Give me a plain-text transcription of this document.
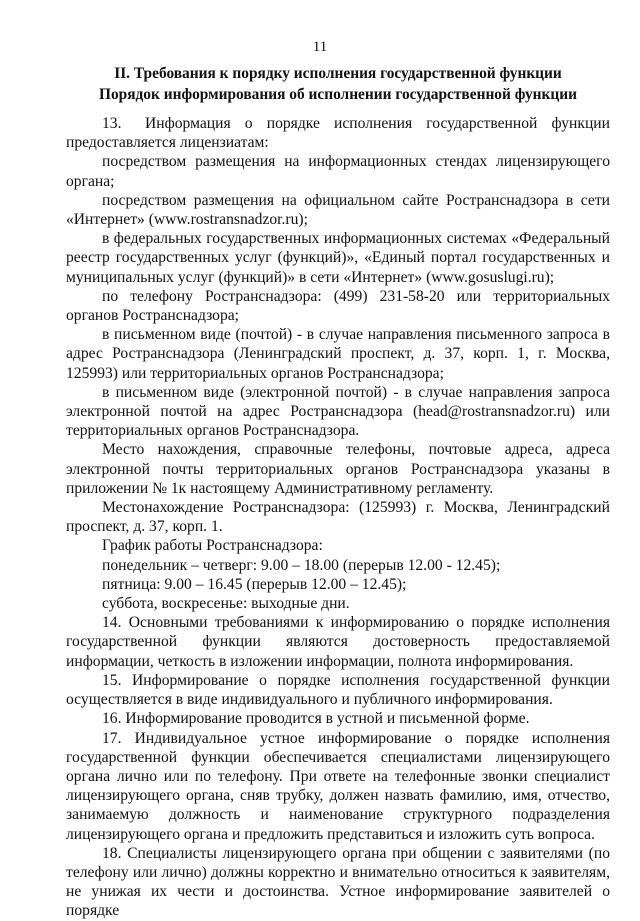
11
II. Требования к порядку исполнения государственной функции
Порядок информирования об исполнении государственной функции

13.     Информация   о   порядке   исполнения   государственной   функции предоставляется лицензиатам:

посредством размещения на информационных стендах лицензирующего органа;

посредством размещения на официальном сайте Ространснадзора в сети «Интернет» (www.rostransnadzor.ru);

в федеральных государственных информационных системах «Федеральный реестр государственных услуг (функций)», «Единый портал государственных и муниципальных услуг (функций)» в сети «Интернет» (www.gosuslugi.ru);

по телефону Ространснадзора: (499) 231-58-20 или территориальных органов Ространснадзора;

в письменном виде (почтой) - в случае направления письменного запроса в адрес Ространснадзора (Ленинградский проспект, д. 37, корп. 1, г. Москва, 125993) или территориальных органов Ространснадзора;

в письменном виде (электронной почтой) - в случае направления запроса электронной почтой на адрес Ространснадзора (head@rostransnadzor.ru) или территориальных органов Ространснадзора.

Место нахождения, справочные телефоны, почтовые адреса, адреса электронной почты территориальных органов Ространснадзора указаны в приложении № 1к настоящему Административному регламенту.

Местонахождение Ространснадзора: (125993) г. Москва, Ленинградский проспект, д. 37, корп. 1.

График работы Ространснадзора:

понедельник – четверг: 9.00 – 18.00 (перерыв 12.00 - 12.45);

пятница: 9.00 – 16.45 (перерыв 12.00 – 12.45);

суббота, воскресенье: выходные дни.

14. Основными требованиями к информированию о порядке исполнения государственной функции являются достоверность предоставляемой информации, четкость в изложении информации, полнота информирования.

15. Информирование о порядке исполнения государственной функции осуществляется в виде индивидуального и публичного информирования.

16. Информирование проводится в устной и письменной форме.

17. Индивидуальное устное информирование о порядке исполнения государственной функции обеспечивается специалистами лицензирующего органа лично или по телефону. При ответе на телефонные звонки специалист лицензирующего органа, сняв трубку, должен назвать фамилию, имя, отчество, занимаемую должность и наименование структурного подразделения лицензирующего органа и предложить представиться и изложить суть вопроса.

18. Специалисты лицензирующего органа при общении с заявителями (по телефону или лично) должны корректно и внимательно относиться к заявителям, не унижая их чести и достоинства. Устное информирование заявителей о порядке
